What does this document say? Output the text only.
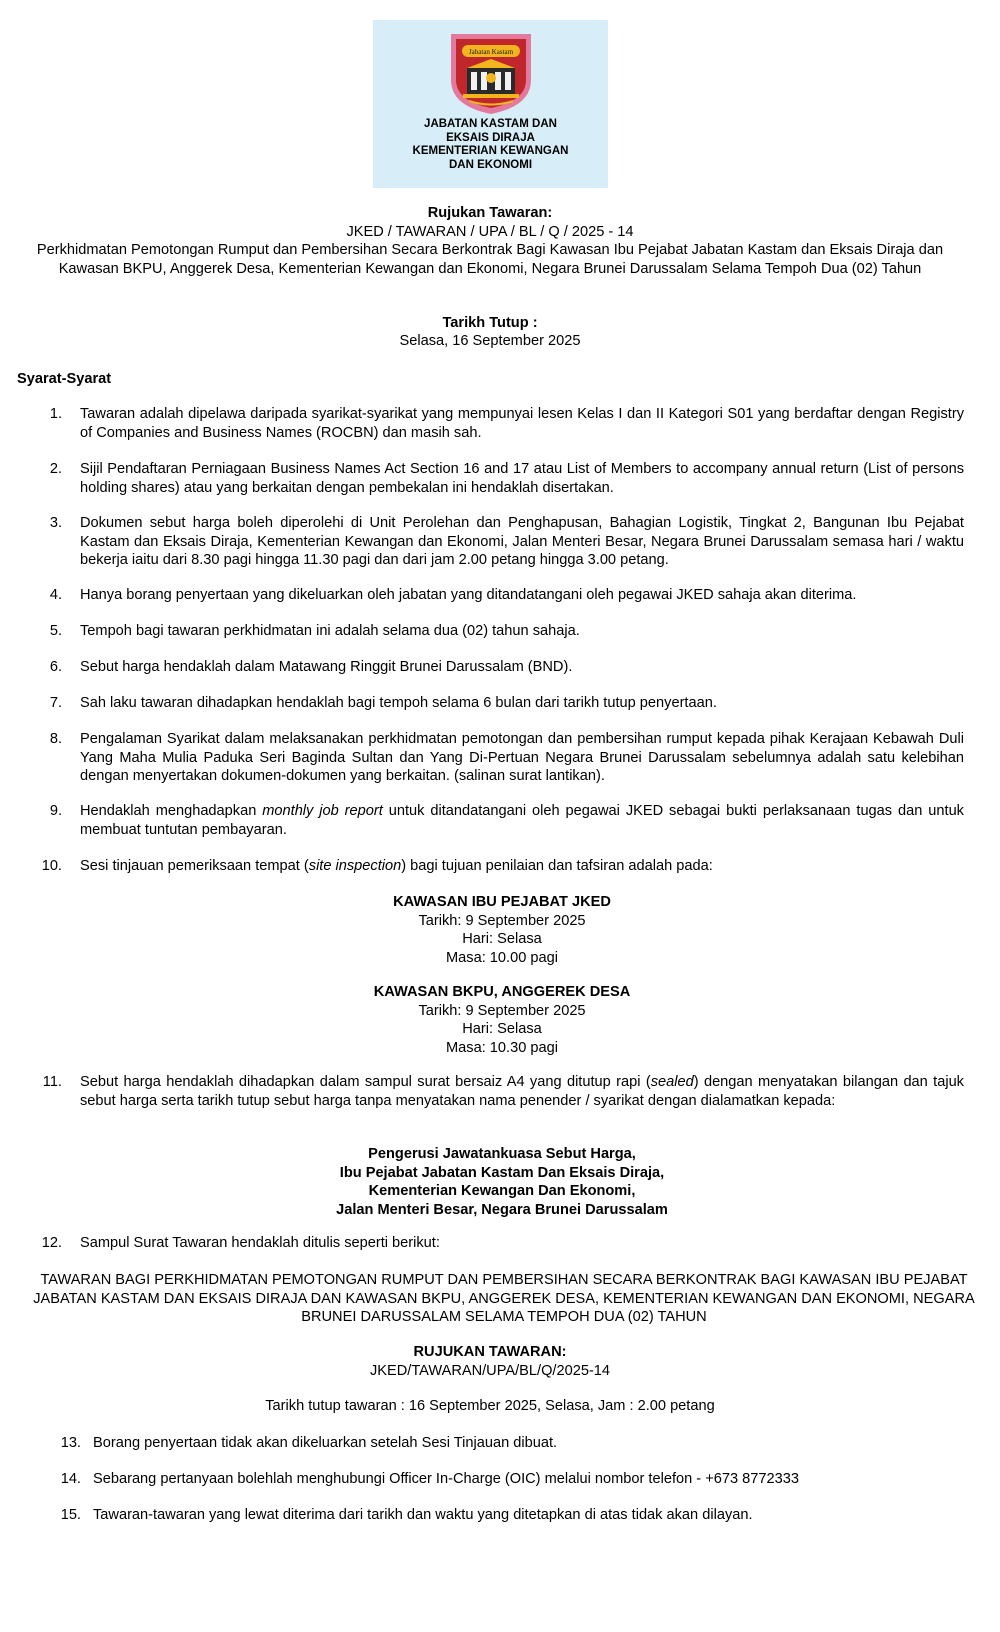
Jabatan Kastam
JABATAN KASTAM DAN
EKSAIS DIRAJA
KEMENTERIAN KEWANGAN
DAN EKONOMI
Rujukan Tawaran:
JKED / TAWARAN / UPA / BL / Q / 2025 - 14
Perkhidmatan Pemotongan Rumput dan Pembersihan Secara Berkontrak Bagi Kawasan Ibu Pejabat Jabatan Kastam dan Eksais Diraja dan Kawasan BKPU, Anggerek Desa, Kementerian Kewangan dan Ekonomi, Negara Brunei Darussalam Selama Tempoh Dua (02) Tahun
Tarikh Tutup :
Selasa, 16 September 2025
Syarat-Syarat
1. Tawaran adalah dipelawa daripada syarikat-syarikat yang mempunyai lesen Kelas I dan II Kategori S01 yang berdaftar dengan Registry of Companies and Business Names (ROCBN) dan masih sah.
2. Sijil Pendaftaran Perniagaan Business Names Act Section 16 and 17 atau List of Members to accompany annual return (List of persons holding shares) atau yang berkaitan dengan pembekalan ini hendaklah disertakan.
3. Dokumen sebut harga boleh diperolehi di Unit Perolehan dan Penghapusan, Bahagian Logistik, Tingkat 2, Bangunan Ibu Pejabat Kastam dan Eksais Diraja, Kementerian Kewangan dan Ekonomi, Jalan Menteri Besar, Negara Brunei Darussalam semasa hari / waktu bekerja iaitu dari 8.30 pagi hingga 11.30 pagi dan dari jam 2.00 petang hingga 3.00 petang.
4. Hanya borang penyertaan yang dikeluarkan oleh jabatan yang ditandatangani oleh pegawai JKED sahaja akan diterima.
5. Tempoh bagi tawaran perkhidmatan ini adalah selama dua (02) tahun sahaja.
6. Sebut harga hendaklah dalam Matawang Ringgit Brunei Darussalam (BND).
7. Sah laku tawaran dihadapkan hendaklah bagi tempoh selama 6 bulan dari tarikh tutup penyertaan.
8. Pengalaman Syarikat dalam melaksanakan perkhidmatan pemotongan dan pembersihan rumput kepada pihak Kerajaan Kebawah Duli Yang Maha Mulia Paduka Seri Baginda Sultan dan Yang Di-Pertuan Negara Brunei Darussalam sebelumnya adalah satu kelebihan dengan menyertakan dokumen-dokumen yang berkaitan. (salinan surat lantikan).
9. Hendaklah menghadapkan monthly job report untuk ditandatangani oleh pegawai JKED sebagai bukti perlaksanaan tugas dan untuk membuat tuntutan pembayaran.
10. Sesi tinjauan pemeriksaan tempat (site inspection) bagi tujuan penilaian dan tafsiran adalah pada:
KAWASAN IBU PEJABAT JKED
Tarikh: 9 September 2025
Hari: Selasa
Masa: 10.00 pagi
KAWASAN BKPU, ANGGEREK DESA
Tarikh: 9 September 2025
Hari: Selasa
Masa: 10.30 pagi
11. Sebut harga hendaklah dihadapkan dalam sampul surat bersaiz A4 yang ditutup rapi (sealed) dengan menyatakan bilangan dan tajuk sebut harga serta tarikh tutup sebut harga tanpa menyatakan nama penender / syarikat dengan dialamatkan kepada:
Pengerusi Jawatankuasa Sebut Harga,
Ibu Pejabat Jabatan Kastam Dan Eksais Diraja,
Kementerian Kewangan Dan Ekonomi,
Jalan Menteri Besar, Negara Brunei Darussalam
12. Sampul Surat Tawaran hendaklah ditulis seperti berikut:
TAWARAN BAGI PERKHIDMATAN PEMOTONGAN RUMPUT DAN PEMBERSIHAN SECARA BERKONTRAK BAGI KAWASAN IBU PEJABAT JABATAN KASTAM DAN EKSAIS DIRAJA DAN KAWASAN BKPU, ANGGEREK DESA, KEMENTERIAN KEWANGAN DAN EKONOMI, NEGARA BRUNEI DARUSSALAM SELAMA TEMPOH DUA (02) TAHUN
RUJUKAN TAWARAN:
JKED/TAWARAN/UPA/BL/Q/2025-14
Tarikh tutup tawaran : 16 September 2025, Selasa, Jam : 2.00 petang
13. Borang penyertaan tidak akan dikeluarkan setelah Sesi Tinjauan dibuat.
14. Sebarang pertanyaan bolehlah menghubungi Officer In-Charge (OIC) melalui nombor telefon - +673 8772333
15. Tawaran-tawaran yang lewat diterima dari tarikh dan waktu yang ditetapkan di atas tidak akan dilayan.
